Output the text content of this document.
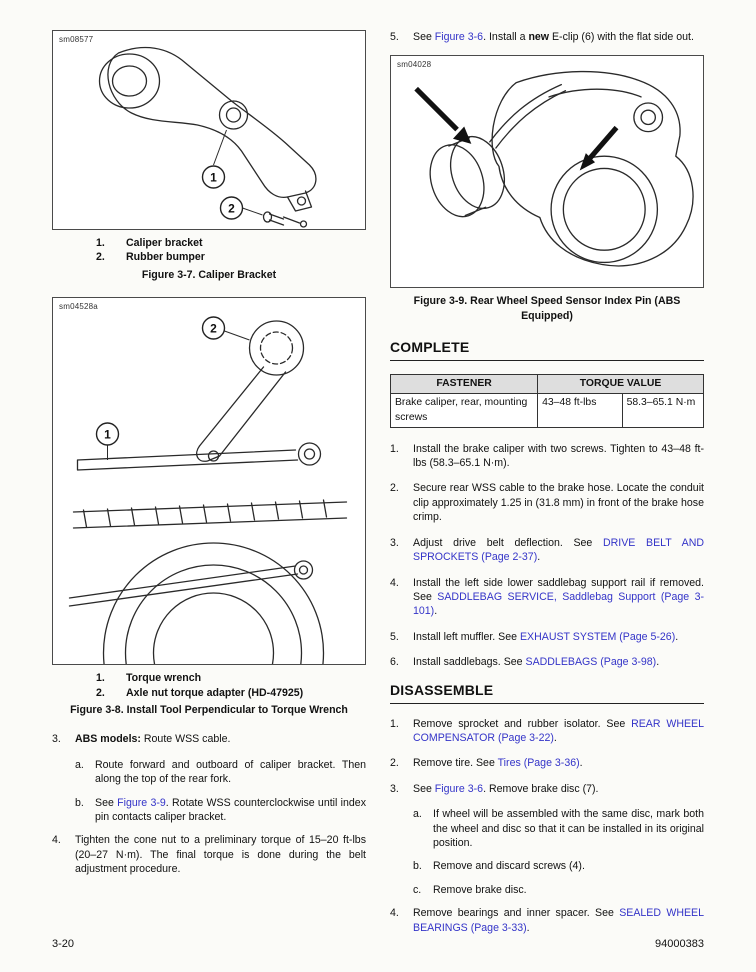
sm08577
1
2
1.	Caliper bracket
2.	Rubber bumper
Figure 3-7. Caliper Bracket
sm04528a
2
1
1.	Torque wrench
2.	Axle nut torque adapter (HD-47925)
Figure 3-8. Install Tool Perpendicular to Torque Wrench
3.	ABS models: Route WSS cable.
a.	Route forward and outboard of caliper bracket. Then along the top of the rear fork.
b.	See Figure 3-9. Rotate WSS counterclockwise until index pin contacts caliper bracket.
4.	Tighten the cone nut to a preliminary torque of 15–20 ft-lbs (20–27 N·m). The final torque is done during the belt adjustment procedure.
5.	See Figure 3-6. Install a new E-clip (6) with the flat side out.
sm04028
Figure 3-9. Rear Wheel Speed Sensor Index Pin (ABS Equipped)
COMPLETE
FASTENER	TORQUE VALUE	
Brake caliper, rear, mounting screws	43–48 ft-lbs	58.3–65.1 N·m
1.	Install the brake caliper with two screws. Tighten to 43–48 ft-lbs (58.3–65.1 N·m).
2.	Secure rear WSS cable to the brake hose. Locate the conduit clip approximately 1.25 in (31.8 mm) in front of the brake hose crimp.
3.	Adjust drive belt deflection. See DRIVE BELT AND SPROCKETS (Page 2-37).
4.	Install the left side lower saddlebag support rail if removed. See SADDLEBAG SERVICE, Saddlebag Support (Page 3-101).
5.	Install left muffler. See EXHAUST SYSTEM (Page 5-26).
6.	Install saddlebags. See SADDLEBAGS (Page 3-98).
DISASSEMBLE
1.	Remove sprocket and rubber isolator. See REAR WHEEL COMPENSATOR (Page 3-22).
2.	Remove tire. See Tires (Page 3-36).
3.	See Figure 3-6. Remove brake disc (7).
a.	If wheel will be assembled with the same disc, mark both the wheel and disc so that it can be installed in its original position.
b.	Remove and discard screws (4).
c.	Remove brake disc.
4.	Remove bearings and inner spacer. See SEALED WHEEL BEARINGS (Page 3-33).
3-20	94000383
